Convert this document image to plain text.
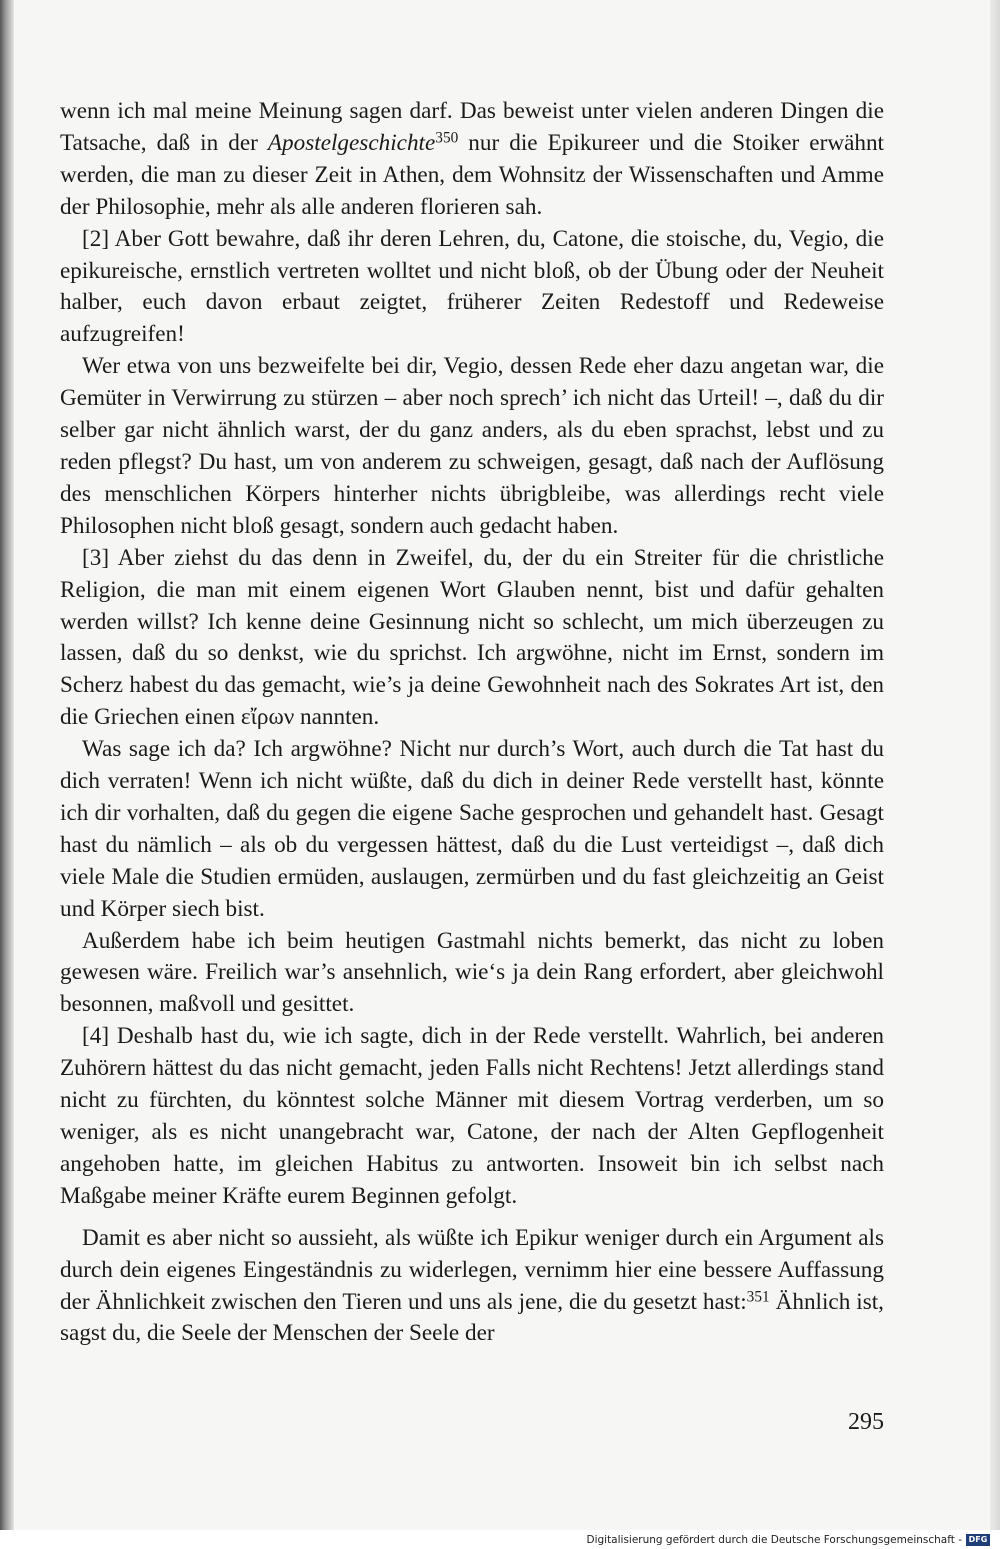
wenn ich mal meine Meinung sagen darf. Das beweist unter vielen anderen Dingen die Tatsache, daß in der Apostelgeschichte$^{350}$ nur die Epikureer und die Stoiker erwähnt werden, die man zu dieser Zeit in Athen, dem Wohnsitz der Wissenschaften und Amme der Philosophie, mehr als alle anderen florieren sah.

[2] Aber Gott bewahre, daß ihr deren Lehren, du, Catone, die stoische, du, Vegio, die epikureische, ernstlich vertreten wolltet und nicht bloß, ob der Übung oder der Neuheit halber, euch davon erbaut zeigtet, früherer Zeiten Redestoff und Redeweise aufzugreifen!

Wer etwa von uns bezweifelte bei dir, Vegio, dessen Rede eher dazu angetan war, die Gemüter in Verwirrung zu stürzen – aber noch sprech’ ich nicht das Urteil! –, daß du dir selber gar nicht ähnlich warst, der du ganz anders, als du eben sprachst, lebst und zu reden pflegst? Du hast, um von anderem zu schweigen, gesagt, daß nach der Auflösung des menschlichen Körpers hinterher nichts übrigbleibe, was allerdings recht viele Philosophen nicht bloß gesagt, sondern auch gedacht haben.

[3] Aber ziehst du das denn in Zweifel, du, der du ein Streiter für die christliche Religion, die man mit einem eigenen Wort Glauben nennt, bist und dafür gehalten werden willst? Ich kenne deine Gesinnung nicht so schlecht, um mich überzeugen zu lassen, daß du so denkst, wie du sprichst. Ich argwöhne, nicht im Ernst, sondern im Scherz habest du das gemacht, wie’s ja deine Gewohnheit nach des Sokrates Art ist, den die Griechen einen εἴρων nannten.

Was sage ich da? Ich argwöhne? Nicht nur durch’s Wort, auch durch die Tat hast du dich verraten! Wenn ich nicht wüßte, daß du dich in deiner Rede verstellt hast, könnte ich dir vorhalten, daß du gegen die eigene Sache gesprochen und gehandelt hast. Gesagt hast du nämlich – als ob du vergessen hättest, daß du die Lust verteidigst –, daß dich viele Male die Studien ermüden, auslaugen, zermürben und du fast gleichzeitig an Geist und Körper siech bist.

Außerdem habe ich beim heutigen Gastmahl nichts bemerkt, das nicht zu loben gewesen wäre. Freilich war’s ansehnlich, wie‘s ja dein Rang erfordert, aber gleichwohl besonnen, maßvoll und gesittet.

[4] Deshalb hast du, wie ich sagte, dich in der Rede verstellt. Wahrlich, bei anderen Zuhörern hättest du das nicht gemacht, jeden Falls nicht Rechtens! Jetzt allerdings stand nicht zu fürchten, du könntest solche Männer mit diesem Vortrag verderben, um so weniger, als es nicht unangebracht war, Catone, der nach der Alten Gepflogenheit angehoben hatte, im gleichen Habitus zu antworten. Insoweit bin ich selbst nach Maßgabe meiner Kräfte eurem Beginnen gefolgt.

Damit es aber nicht so aussieht, als wüßte ich Epikur weniger durch ein Argument als durch dein eigenes Eingeständnis zu widerlegen, vernimm hier eine bessere Auffassung der Ähnlichkeit zwischen den Tieren und uns als jene, die du gesetzt hast:$^{351}$ Ähnlich ist, sagst du, die Seele der Menschen der Seele der

295
Digitalisierung gefördert durch die Deutsche Forschungsgemeinschaft - DFG
